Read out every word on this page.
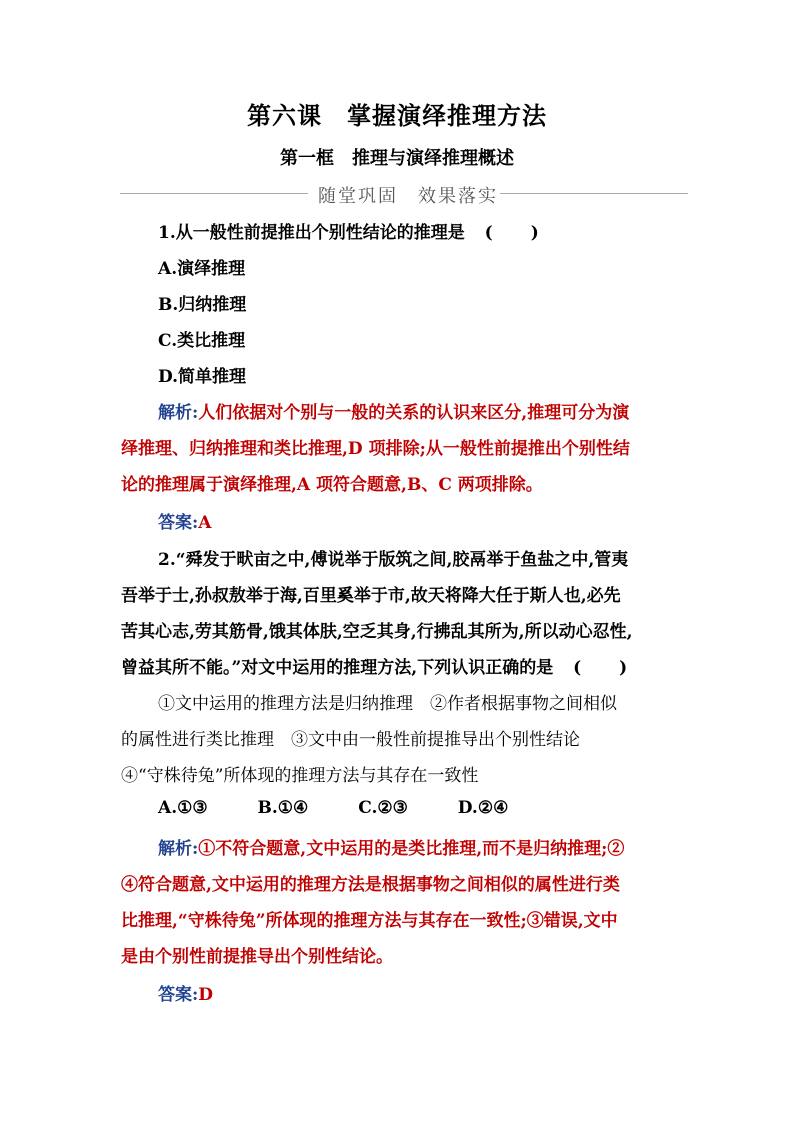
第六课　掌握演绎推理方法
第一框　推理与演绎推理概述
随堂巩固　效果落实
1.从一般性前提推出个别性结论的推理是 ( )
A.演绎推理
B.归纳推理
C.类比推理
D.简单推理
解析:人们依据对个别与一般的关系的认识来区分,推理可分为演
绎推理、归纳推理和类比推理,D 项排除;从一般性前提推出个别性结
论的推理属于演绎推理,A 项符合题意,B、C 两项排除。
答案:A
2.“舜发于畎亩之中,傅说举于版筑之间,胶鬲举于鱼盐之中,管夷
吾举于士,孙叔敖举于海,百里奚举于市,故天将降大任于斯人也,必先
苦其心志,劳其筋骨,饿其体肤,空乏其身,行拂乱其所为,所以动心忍性,
曾益其所不能。”对文中运用的推理方法,下列认识正确的是 ( )
①文中运用的推理方法是归纳推理　②作者根据事物之间相似
的属性进行类比推理　③文中由一般性前提推导出个别性结论
④“守株待兔”所体现的推理方法与其存在一致性
A.①③	B.①④	C.②③	D.②④
解析:①不符合题意,文中运用的是类比推理,而不是归纳推理;②
④符合题意,文中运用的推理方法是根据事物之间相似的属性进行类
比推理,“守株待兔”所体现的推理方法与其存在一致性;③错误,文中
是由个别性前提推导出个别性结论。
答案:D
